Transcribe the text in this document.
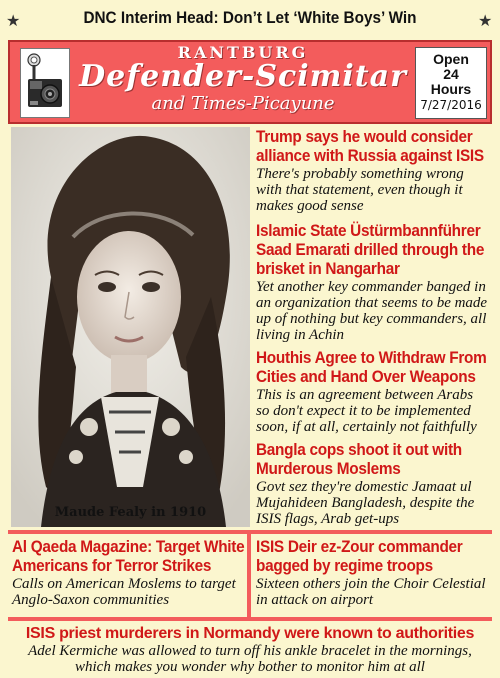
★	DNC Interim Head: Don’t Let ‘White Boys’ Win	★
RANTBURG
Defender-Scimitar
and Times-Picayune
Open
24
Hours
7/27/2016
Maude Fealy in 1910
Trump says he would consider alliance with Russia against ISIS
There's probably something wrong with that statement, even though it makes good sense
Islamic State Üstürmbannführer Saad Emarati drilled through the brisket in Nangarhar
Yet another key commander banged in an organization that seems to be made up of nothing but key commanders, all living in Achin
Houthis Agree to Withdraw From Cities and Hand Over Weapons
This is an agreement between Arabs so don't expect it to be implemented soon, if at all, certainly not faithfully
Bangla cops shoot it out with Murderous Moslems
Govt sez they're domestic Jamaat ul Mujahideen Bangladesh, despite the ISIS flags, Arab get-ups
Al Qaeda Magazine: Target White Americans for Terror Strikes
Calls on American Moslems to target Anglo-Saxon communities
ISIS Deir ez-Zour commander bagged by regime troops
Sixteen others join the Choir Celestial in attack on airport
ISIS priest murderers in Normandy were known to authorities
Adel Kermiche was allowed to turn off his ankle bracelet in the mornings, which makes you wonder why bother to monitor him at all
